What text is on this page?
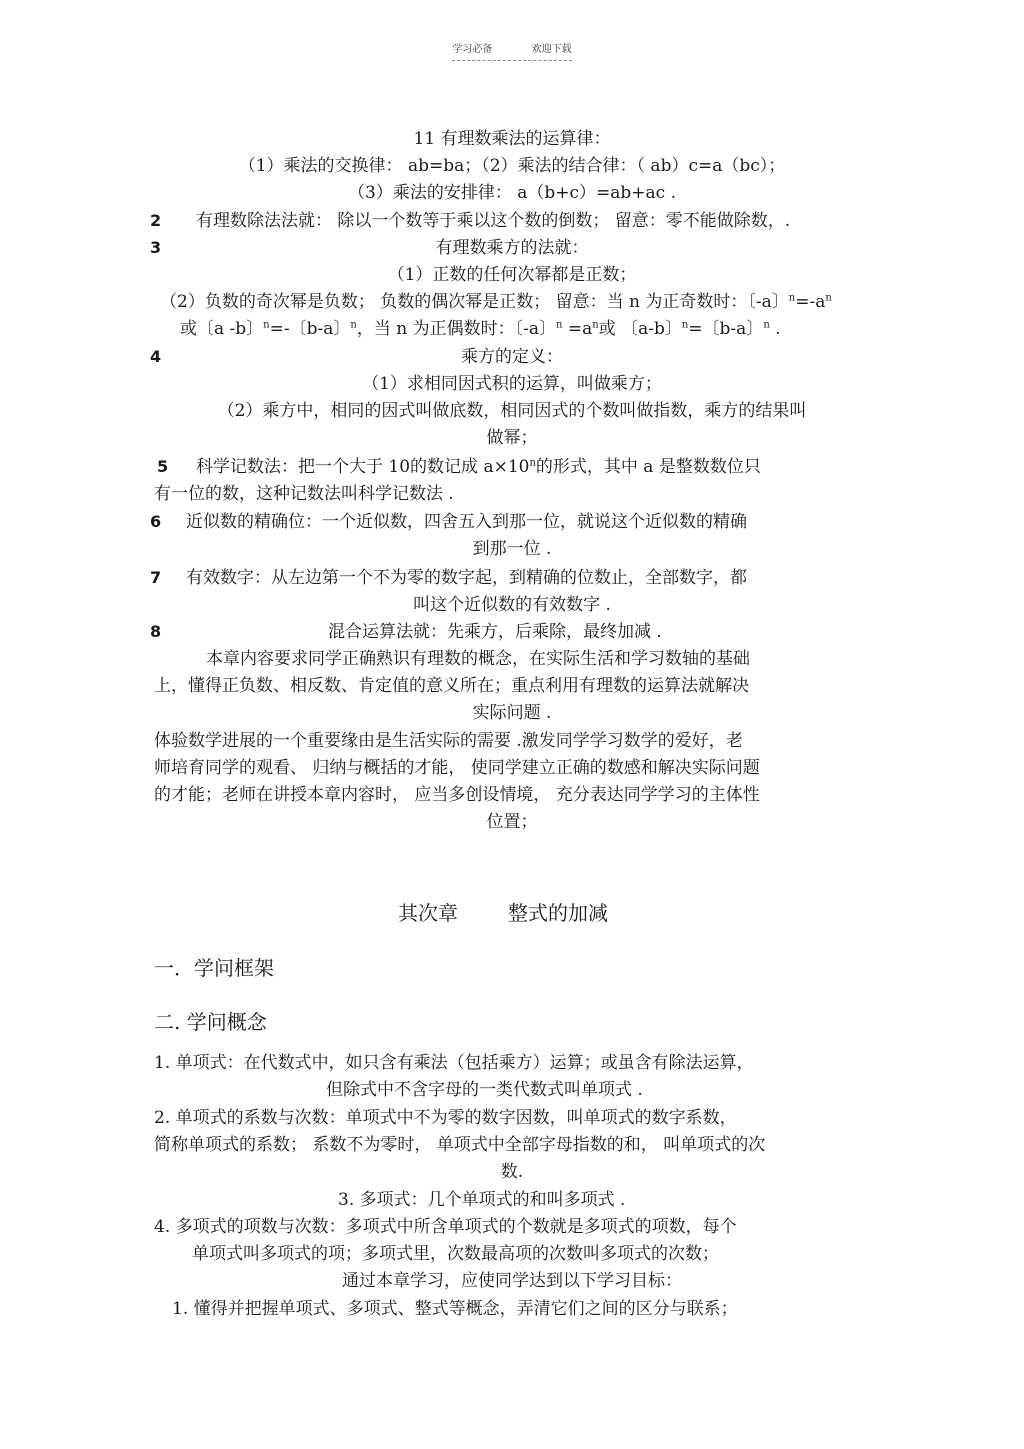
学习必备	欢迎下载
11 有理数乘法的运算律：
（1）乘法的交换律： ab=ba；（2）乘法的结合律：（ ab）c=a（bc）；
（3）乘法的安排律： a（b+c）=ab+ac .
2 有理数除法法就： 除以一个数等于乘以这个数的倒数； 留意：零不能做除数，.
3	有理数乘方的法就：
（1）正数的任何次幂都是正数；
（2）负数的奇次幂是负数； 负数的偶次幂是正数； 留意：当 n 为正奇数时：〔-a〕$^n=-a^n$
或〔a -b〕$^n$=-〔b-a〕$^n$，当 n 为正偶数时：〔-a〕$^n =a^n$或 〔a-b〕$^n$=〔b-a〕$^n$ .
4	乘方的定义：
（1）求相同因式积的运算，叫做乘方；
（2）乘方中，相同的因式叫做底数，相同因式的个数叫做指数，乘方的结果叫
做幂；
5 科学记数法：把一个大于 10的数记成 $a\times 10^n$的形式，其中 a 是整数数位只
有一位的数，这种记数法叫科学记数法 .
6 近似数的精确位：一个近似数，四舍五入到那一位，就说这个近似数的精确
到那一位 .
7 有效数字：从左边第一个不为零的数字起，到精确的位数止，全部数字，都
叫这个近似数的有效数字 .
8	混合运算法就：先乘方，后乘除，最终加减 .
本章内容要求同学正确熟识有理数的概念，在实际生活和学习数轴的基础
上，懂得正负数、相反数、肯定值的意义所在；重点利用有理数的运算法就解决
实际问题 .
体验数学进展的一个重要缘由是生活实际的需要 .激发同学学习数学的爱好，老
师培育同学的观看、 归纳与概括的才能， 使同学建立正确的数感和解决实际问题
的才能；老师在讲授本章内容时， 应当多创设情境， 充分表达同学学习的主体性
位置；
其次章	整式的加减
一．学问框架
二. 学问概念
1. 单项式：在代数式中，如只含有乘法（包括乘方）运算；或虽含有除法运算，
但除式中不含字母的一类代数式叫单项式 .
2. 单项式的系数与次数：单项式中不为零的数字因数，叫单项式的数字系数，
简称单项式的系数； 系数不为零时， 单项式中全部字母指数的和， 叫单项式的次
数.
3. 多项式：几个单项式的和叫多项式 .
4. 多项式的项数与次数：多项式中所含单项式的个数就是多项式的项数，每个
单项式叫多项式的项；多项式里，次数最高项的次数叫多项式的次数；
通过本章学习，应使同学达到以下学习目标：
1. 懂得并把握单项式、多项式、整式等概念，弄清它们之间的区分与联系；
